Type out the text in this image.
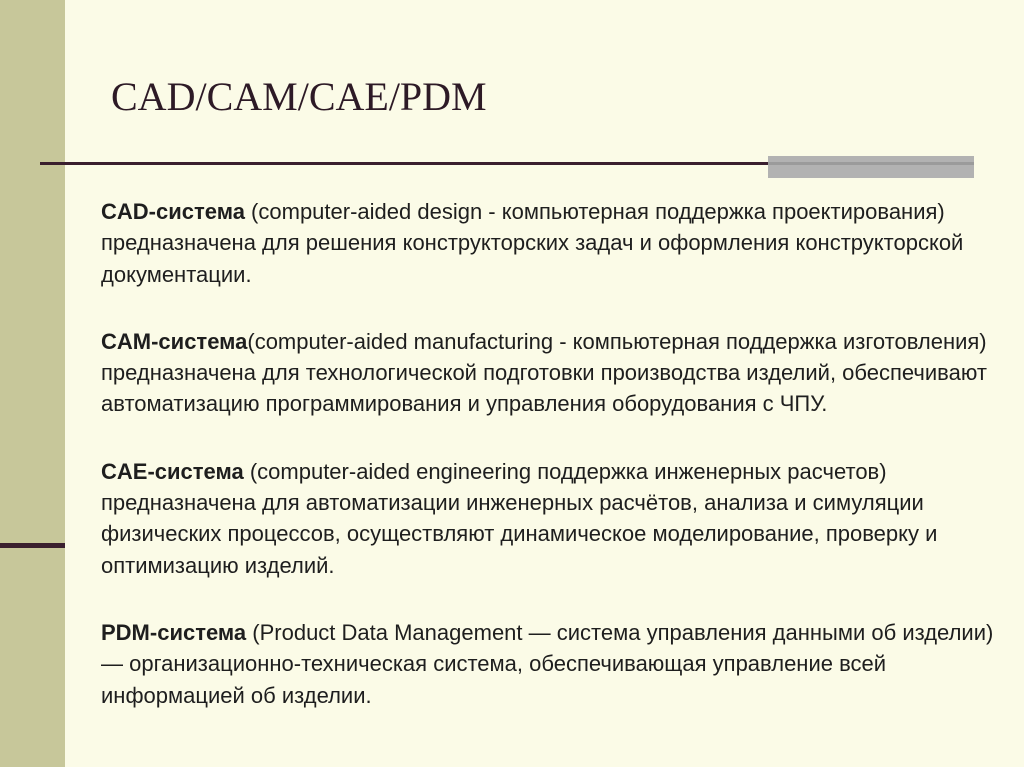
CAD/CAM/CAE/PDM

CAD-система (computer-aided design - компьютерная поддержка проектирования) предназначена для решения конструкторских задач и оформления конструкторской документации.

CAM-система(computer-aided manufacturing - компьютерная поддержка изготовления) предназначена для технологической подготовки производства изделий, обеспечивают автоматизацию программирования и управления оборудования с ЧПУ.

CAE-система (computer-aided engineering поддержка инженерных расчетов) предназначена для автоматизации инженерных расчётов, анализа и симуляции физических процессов, осуществляют динамическое моделирование, проверку и оптимизацию изделий.

PDM-система (Product Data Management — система управления данными об изделии) — организационно-техническая система, обеспечивающая управление всей информацией об изделии.
